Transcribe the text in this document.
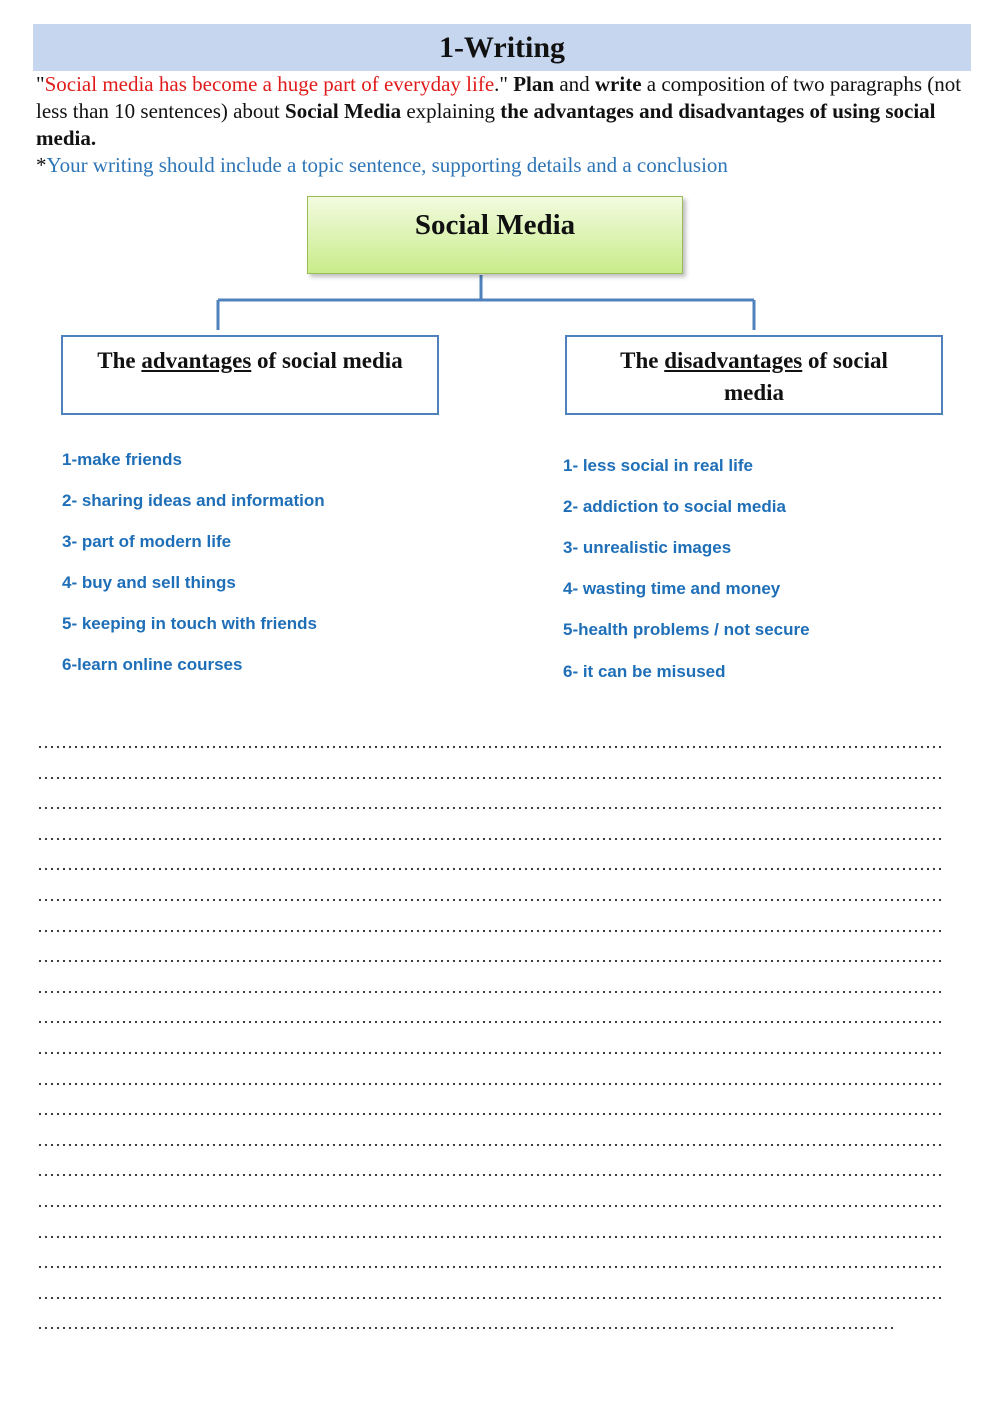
1-Writing

"Social media has become a huge part of everyday life." Plan and write a composition of two paragraphs (not less than 10 sentences) about Social Media explaining the advantages and disadvantages of using social media.

*Your writing should include a topic sentence, supporting details and a conclusion

Social Media
The advantages of social media	The disadvantages of social media
1-make friends
2- sharing ideas and information
3- part of modern life
4- buy and sell things
5- keeping in touch with friends
6-learn online courses
1- less social in real life
2- addiction to social media
3- unrealistic images
4- wasting time and money
5-health problems / not secure
6- it can be misused
